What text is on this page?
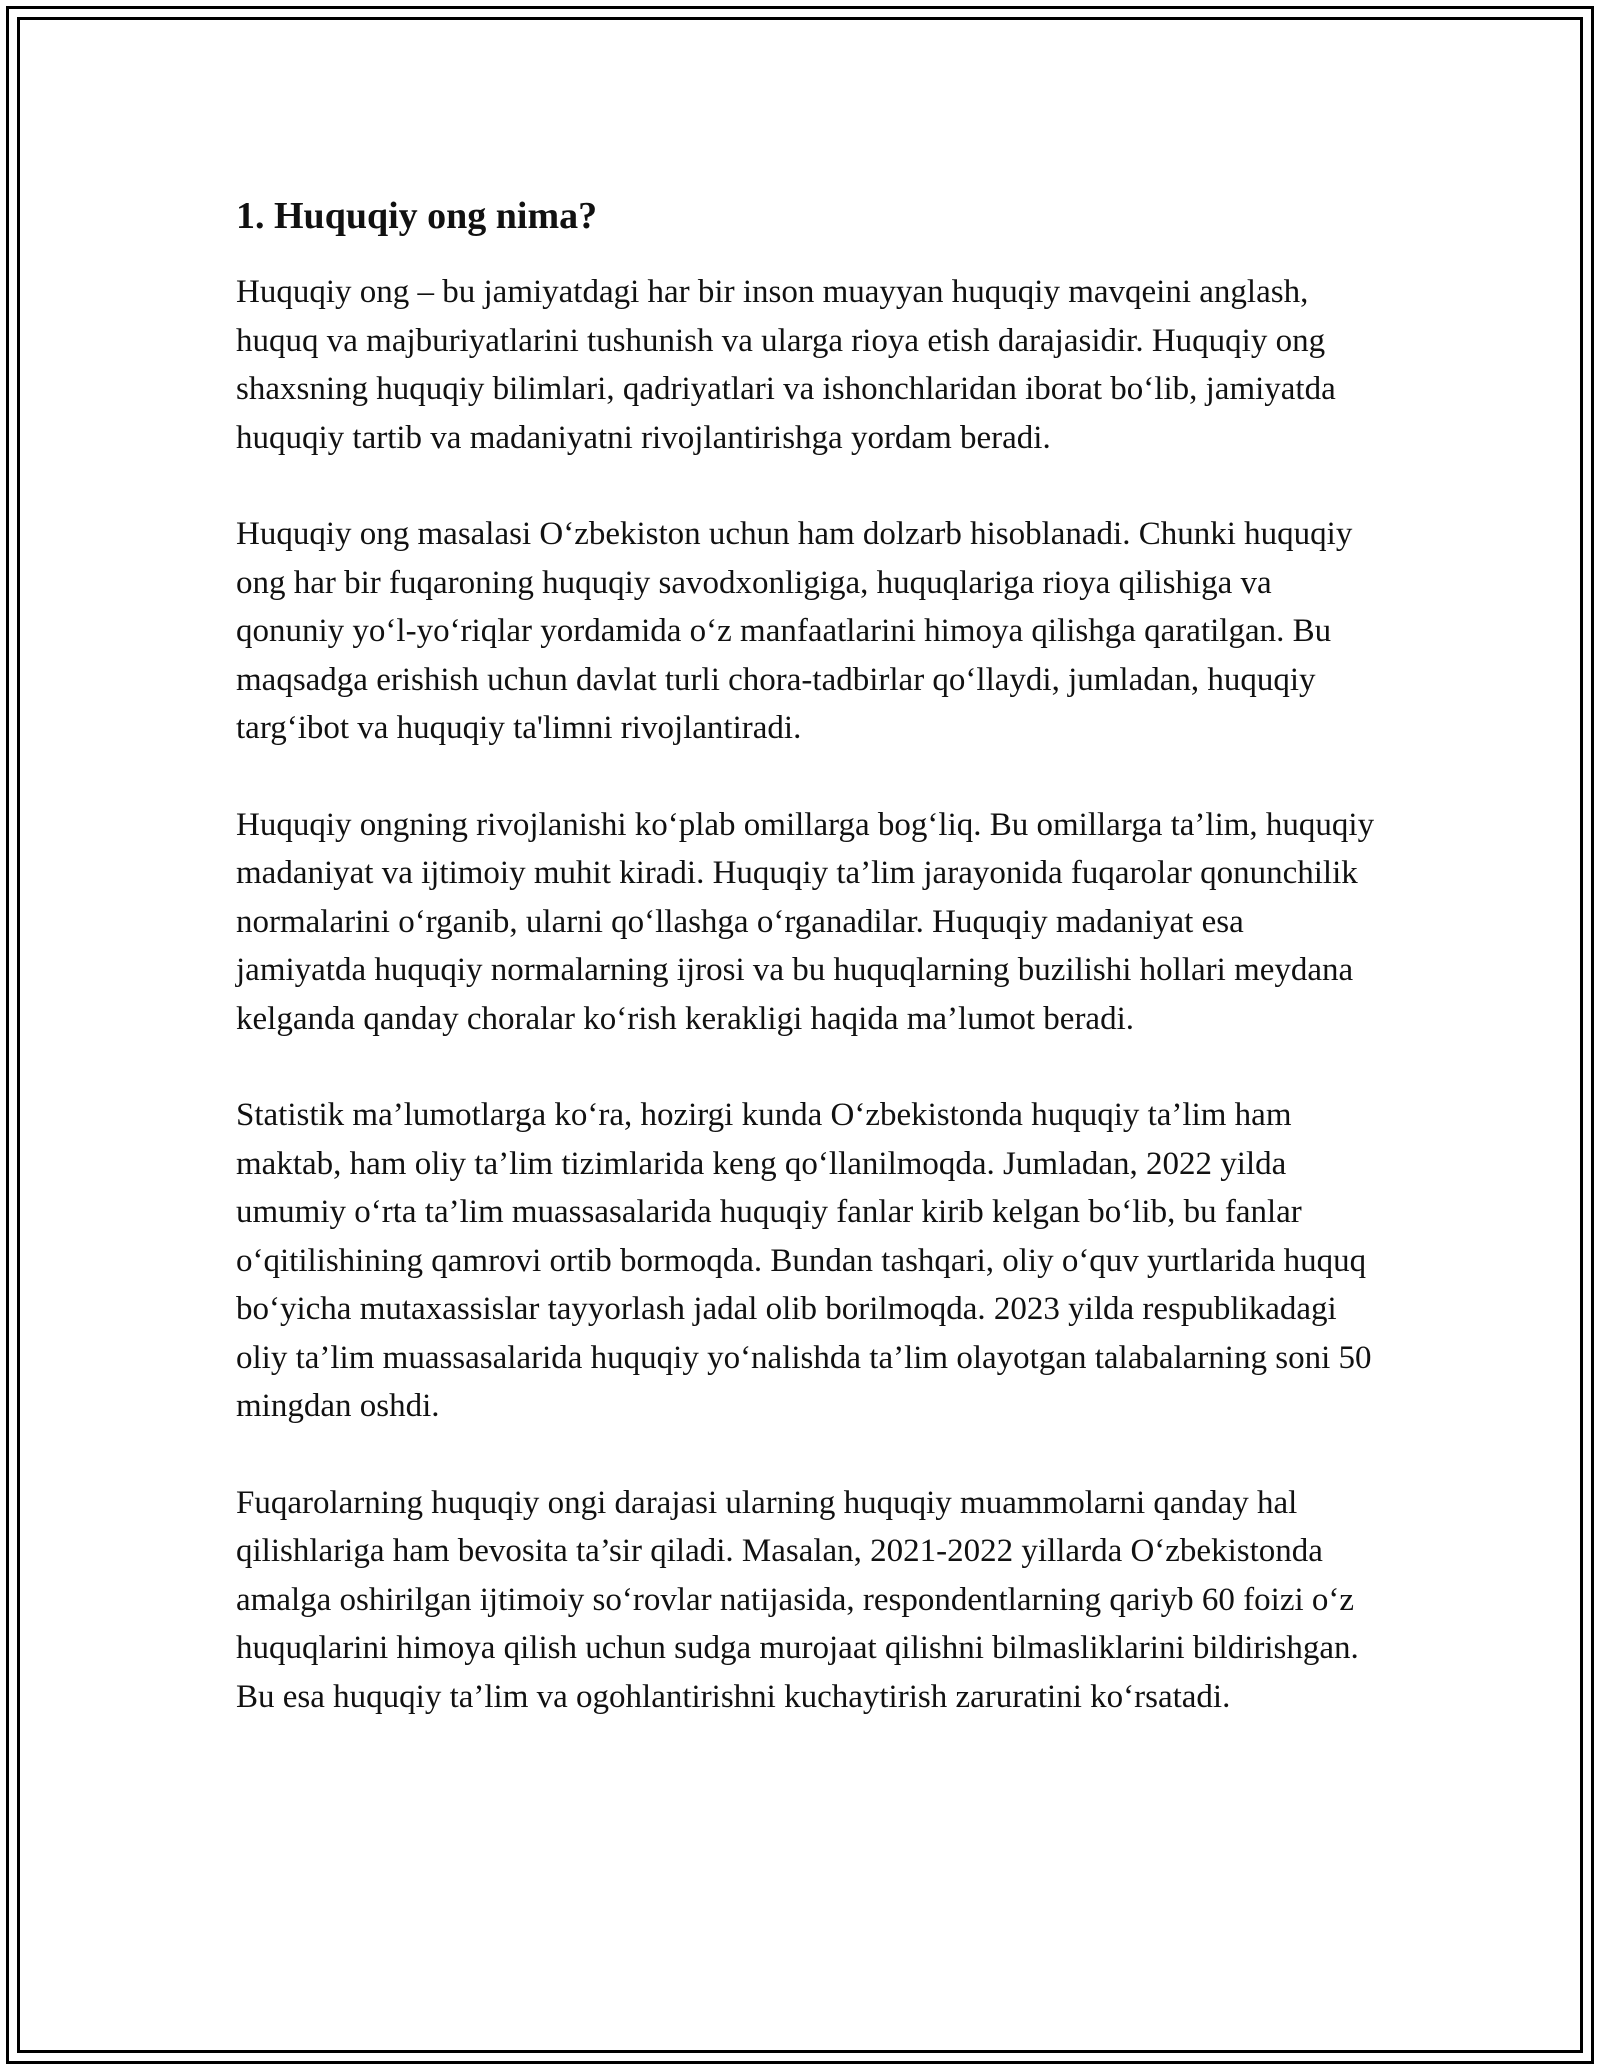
1. Huquqiy ong nima?

Huquqiy ong – bu jamiyatdagi har bir inson muayyan huquqiy mavqeini anglash, huquq va majburiyatlarini tushunish va ularga rioya etish darajasidir. Huquqiy ong shaxsning huquqiy bilimlari, qadriyatlari va ishonchlaridan iborat bo‘lib, jamiyatda huquqiy tartib va madaniyatni rivojlantirishga yordam beradi.

Huquqiy ong masalasi O‘zbekiston uchun ham dolzarb hisoblanadi. Chunki huquqiy ong har bir fuqaroning huquqiy savodxonligiga, huquqlariga rioya qilishiga va qonuniy yo‘l-yo‘riqlar yordamida o‘z manfaatlarini himoya qilishga qaratilgan. Bu maqsadga erishish uchun davlat turli chora-tadbirlar qo‘llaydi, jumladan, huquqiy targ‘ibot va huquqiy ta'limni rivojlantiradi.

Huquqiy ongning rivojlanishi ko‘plab omillarga bog‘liq. Bu omillarga ta’lim, huquqiy madaniyat va ijtimoiy muhit kiradi. Huquqiy ta’lim jarayonida fuqarolar qonunchilik normalarini o‘rganib, ularni qo‘llashga o‘rganadilar. Huquqiy madaniyat esa jamiyatda huquqiy normalarning ijrosi va bu huquqlarning buzilishi hollari meydana kelganda qanday choralar ko‘rish kerakligi haqida ma’lumot beradi.

Statistik ma’lumotlarga ko‘ra, hozirgi kunda O‘zbekistonda huquqiy ta’lim ham maktab, ham oliy ta’lim tizimlarida keng qo‘llanilmoqda. Jumladan, 2022 yilda umumiy o‘rta ta’lim muassasalarida huquqiy fanlar kirib kelgan bo‘lib, bu fanlar o‘qitilishining qamrovi ortib bormoqda. Bundan tashqari, oliy o‘quv yurtlarida huquq bo‘yicha mutaxassislar tayyorlash jadal olib borilmoqda. 2023 yilda respublikadagi oliy ta’lim muassasalarida huquqiy yo‘nalishda ta’lim olayotgan talabalarning soni 50 mingdan oshdi.

Fuqarolarning huquqiy ongi darajasi ularning huquqiy muammolarni qanday hal qilishlariga ham bevosita ta’sir qiladi. Masalan, 2021-2022 yillarda O‘zbekistonda amalga oshirilgan ijtimoiy so‘rovlar natijasida, respondentlarning qariyb 60 foizi o‘z huquqlarini himoya qilish uchun sudga murojaat qilishni bilmasliklarini bildirishgan. Bu esa huquqiy ta’lim va ogohlantirishni kuchaytirish zaruratini ko‘rsatadi.
